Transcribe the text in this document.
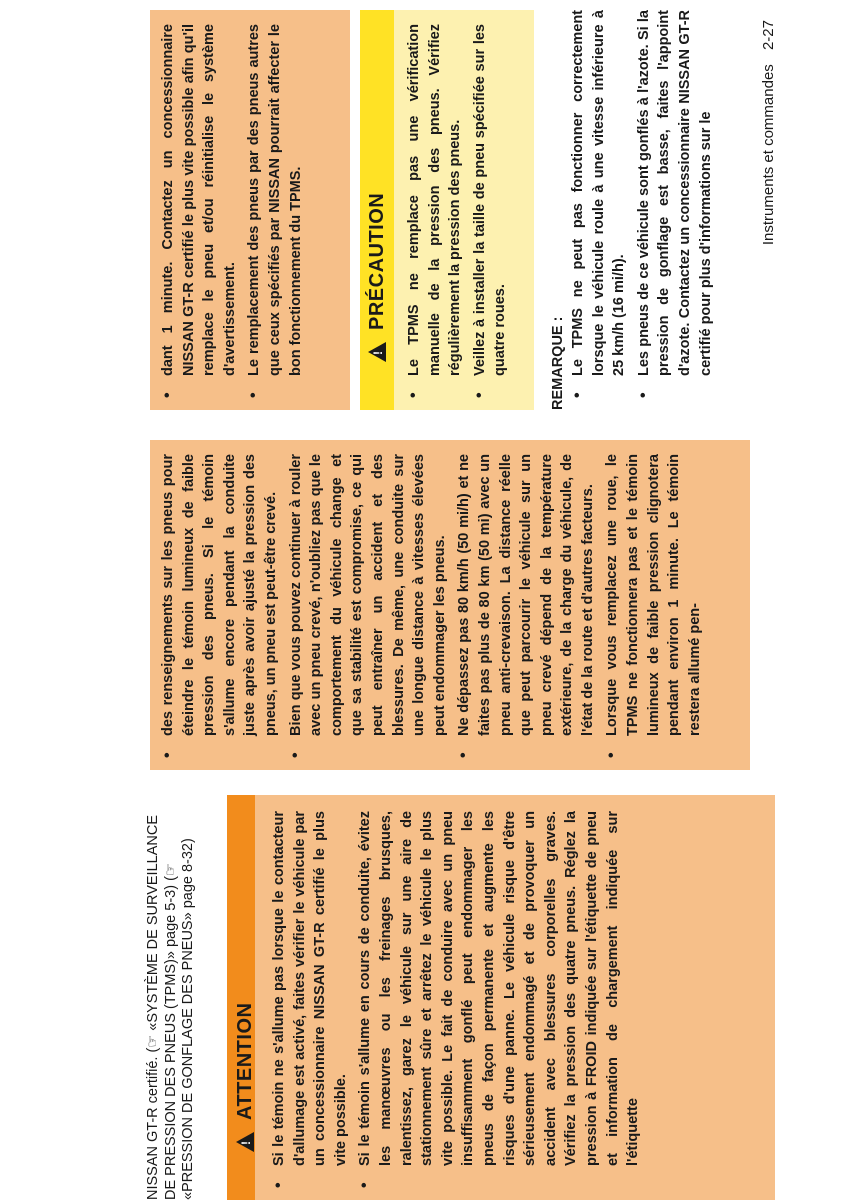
NISSAN GT-R certifié. (☞ «SYSTÈME DE SURVEILLANCE DE PRESSION DES PNEUS (TPMS)» page 5-3) (☞ «PRESSION DE GONFLAGE DES PNEUS» page 8-32)

! ATTENTION • Si le témoin ne s'allume pas lorsque le contacteur d'allumage est activé, faites vérifier le véhicule par un concessionnaire NISSAN GT-R certifié le plus vite possible. • Si le témoin s'allume en cours de conduite, évitez les manœuvres ou les freinages brusques, ralentissez, garez le véhicule sur une aire de stationnement sûre et arrêtez le véhicule le plus vite possible. Le fait de conduire avec un pneu insuffisamment gonflé peut endommager les pneus de façon permanente et augmente les risques d'une panne. Le véhicule risque d'être sérieusement endommagé et de provoquer un accident avec blessures corporelles graves. Vérifiez la pression des quatre pneus. Réglez la pression à FROID indiquée sur l'étiquette de pneu et information de chargement indiquée sur l'étiquette
• des renseignements sur les pneus pour éteindre le témoin lumineux de faible pression des pneus. Si le témoin s'allume encore pendant la conduite juste après avoir ajusté la pression des pneus, un pneu est peut-être crevé. • Bien que vous pouvez continuer à rouler avec un pneu crevé, n'oubliez pas que le comportement du véhicule change et que sa stabilité est compromise, ce qui peut entraîner un accident et des blessures. De même, une conduite sur une longue distance à vitesses élevées peut endommager les pneus. • Ne dépassez pas 80 km/h (50 mi/h) et ne faites pas plus de 80 km (50 mi) avec un pneu anti-crevaison. La distance réelle que peut parcourir le véhicule sur un pneu crevé dépend de la température extérieure, de la charge du véhicule, de l'état de la route et d'autres facteurs. • Lorsque vous remplacez une roue, le TPMS ne fonctionnera pas et le témoin lumineux de faible pression clignotera pendant environ 1 minute. Le témoin restera allumé pen-
• dant 1 minute. Contactez un concessionnaire NISSAN GT-R certifié le plus vite possible afin qu'il remplace le pneu et/ou réinitialise le système d'avertissement. • Le remplacement des pneus par des pneus autres que ceux spécifiés par NISSAN pourrait affecter le bon fonctionnement du TPMS.
!	PRÉCAUTION • Le TPMS ne remplace pas une vérification manuelle de la pression des pneus. Vérifiez régulièrement la pression des pneus. • Veillez à installer la taille de pneu spécifiée sur les quatre roues.	REMARQUE : • Le TPMS ne peut pas fonctionner correctement lorsque le véhicule roule à une vitesse inférieure à 25 km/h (16 mi/h). • Les pneus de ce véhicule sont gonflés à l'azote. Si la pression de gonflage est basse, faites l'appoint d'azote. Contactez un concessionnaire NISSAN GT-R certifié pour plus d'informations sur le	Instruments et commandes 2-27
